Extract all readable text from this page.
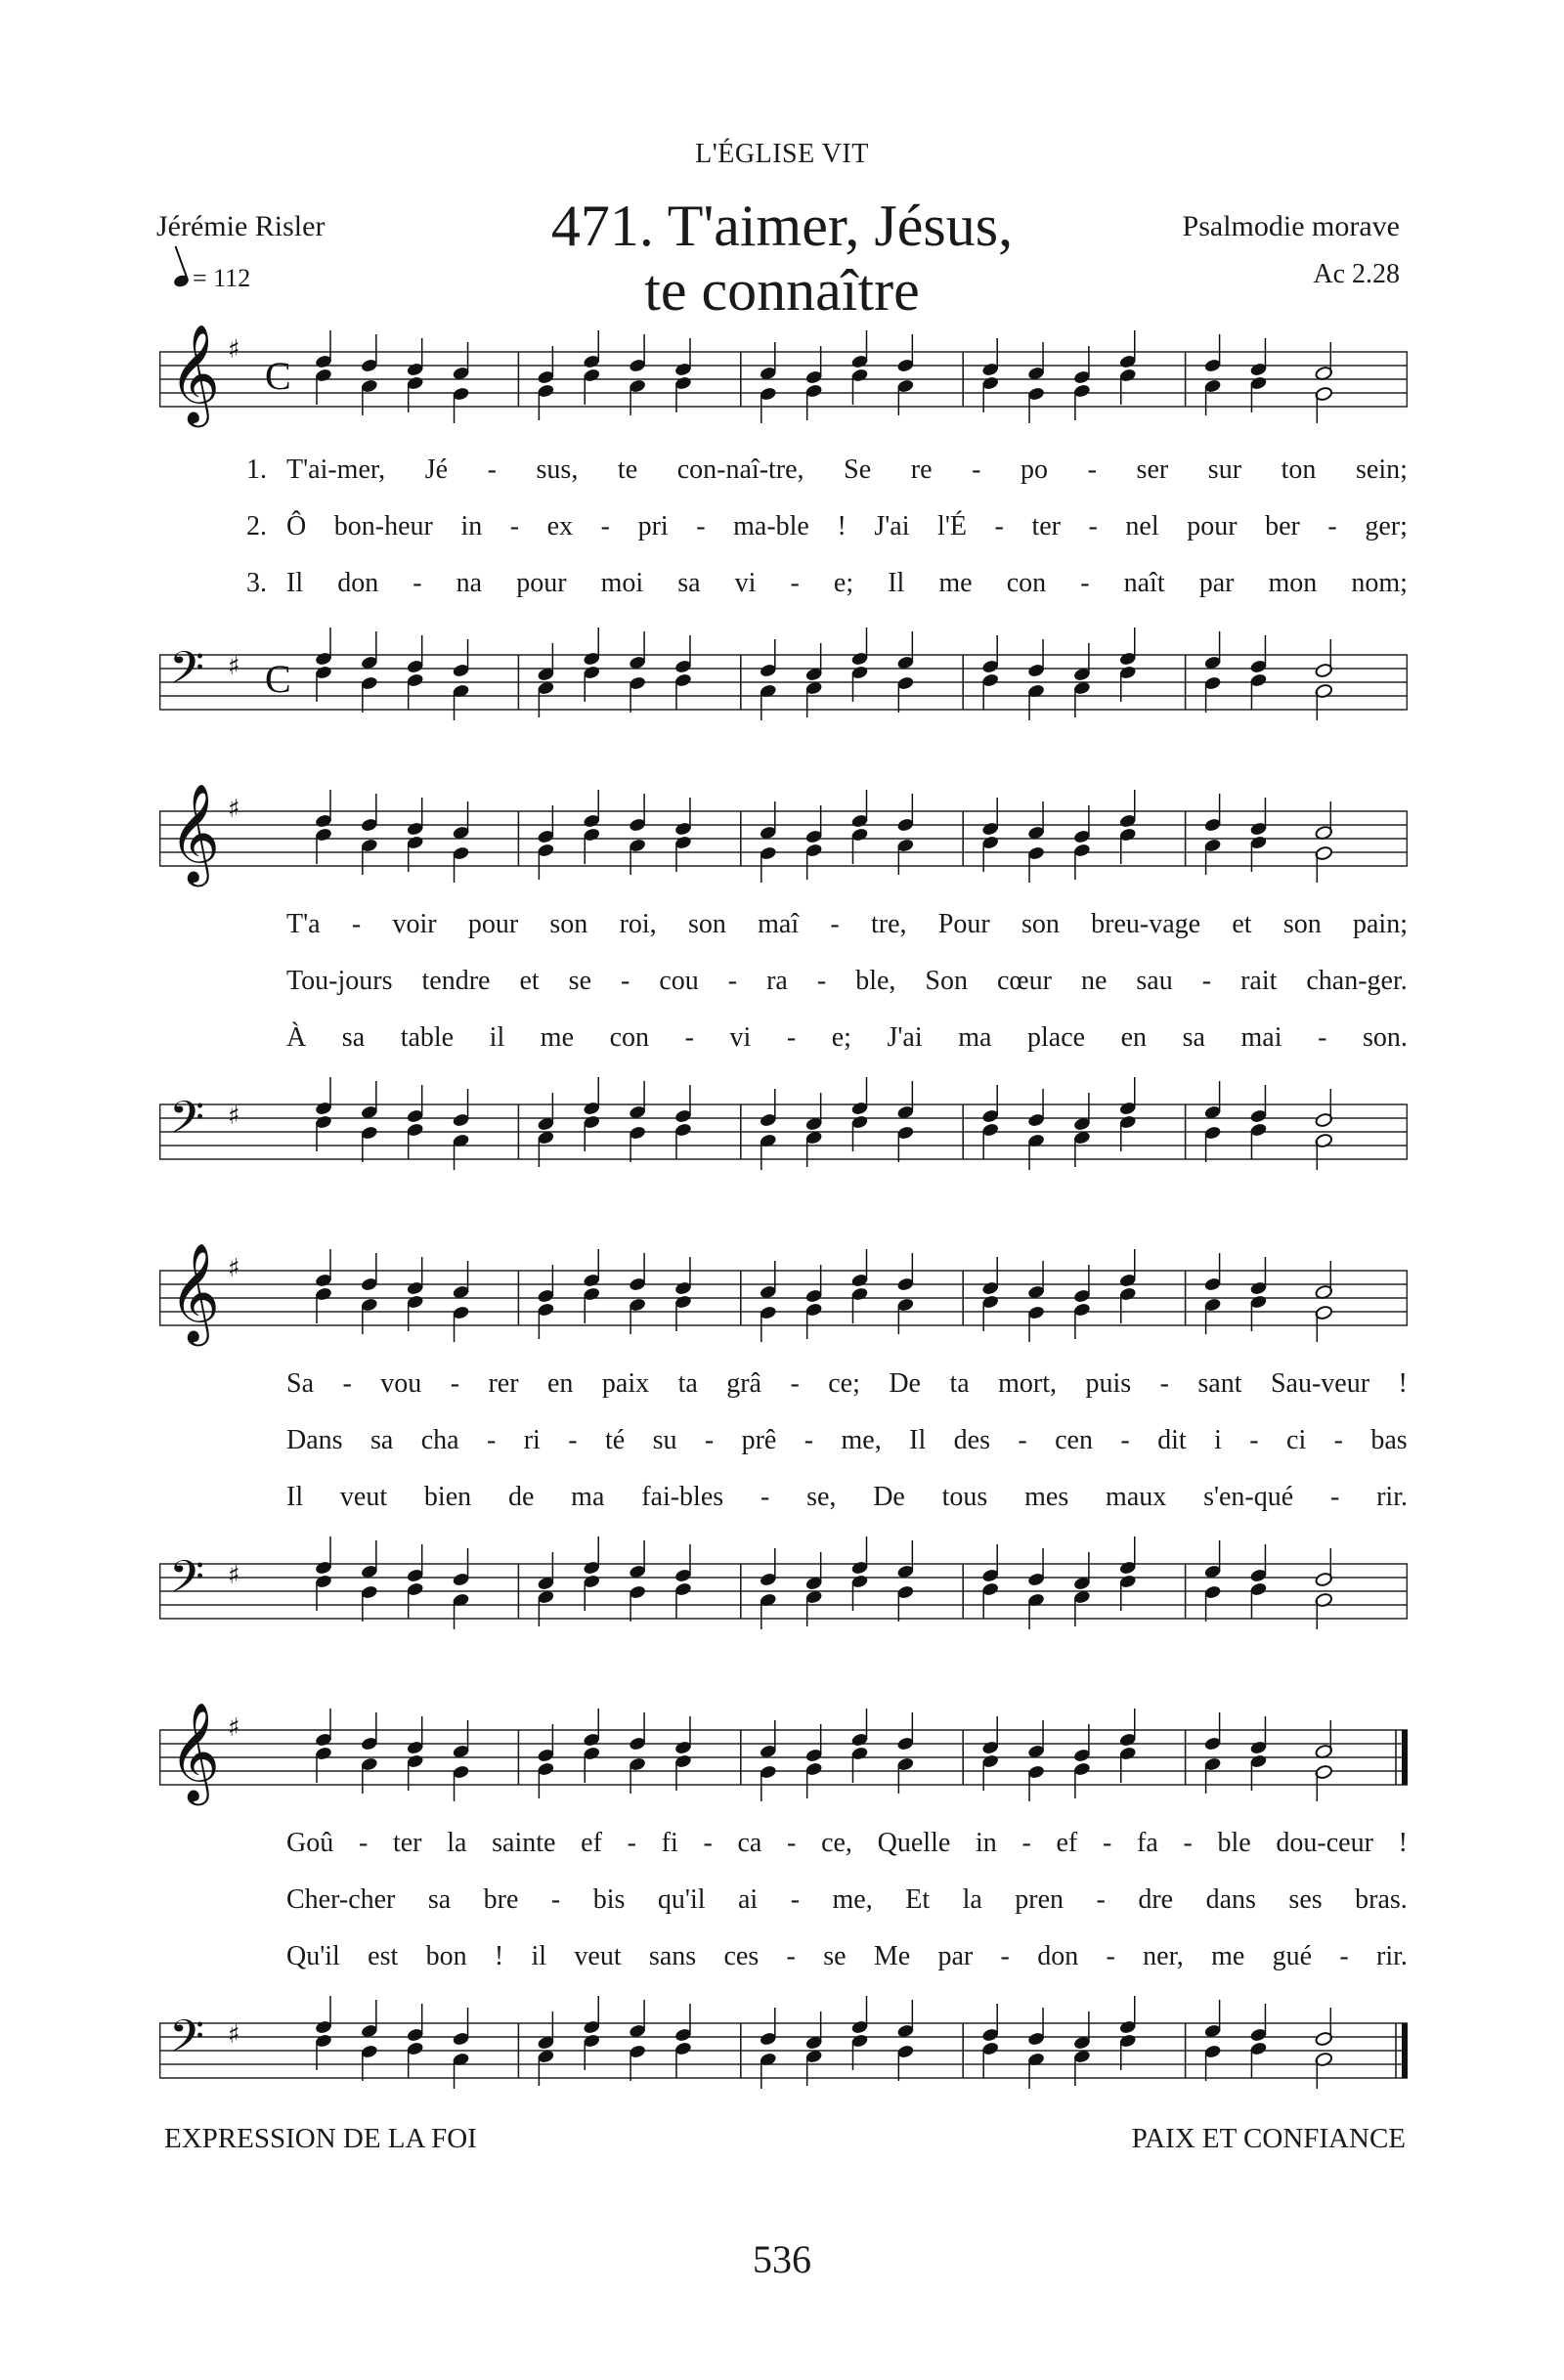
L'ÉGLISE VIT
Jérémie Risler
= 112
471. T'aimer, Jésus,
te connaître
Psalmodie morave
Ac 2.28
𝄞 ♯
C
1. T'ai-mer, Jé - sus, te con-naî-tre, Se re - po - ser sur ton sein;
2. Ô bon-heur in - ex - pri - ma-ble ! J'ai l'É - ter - nel pour ber - ger;
3. Il don - na pour moi sa vi - e; Il me con - naît par mon nom;
𝄢 ♯ C
𝄞 ♯
T'a - voir pour son roi, son maî - tre, Pour son breu-vage et son pain;
Tou-jours tendre et se - cou - ra - ble, Son cœur ne sau - rait chan-ger.
À sa table il me con - vi - e; J'ai ma place en sa mai - son.
𝄢 ♯
𝄞 ♯
Sa - vou - rer en paix ta grâ - ce; De ta mort, puis - sant Sau-veur !
Dans sa cha - ri - té su - prê - me, Il des - cen - dit i - ci - bas
Il veut bien de ma fai-bles - se, De tous mes maux s'en-qué - rir.
𝄢 ♯
𝄞 ♯
Goû - ter la sainte ef - fi - ca - ce, Quelle in - ef - fa - ble dou-ceur !
Cher-cher sa bre - bis qu'il ai - me, Et la pren - dre dans ses bras.
Qu'il est bon ! il veut sans ces - se Me par - don - ner, me gué - rir.
𝄢 ♯
EXPRESSION DE LA FOI	PAIX ET CONFIANCE
536
